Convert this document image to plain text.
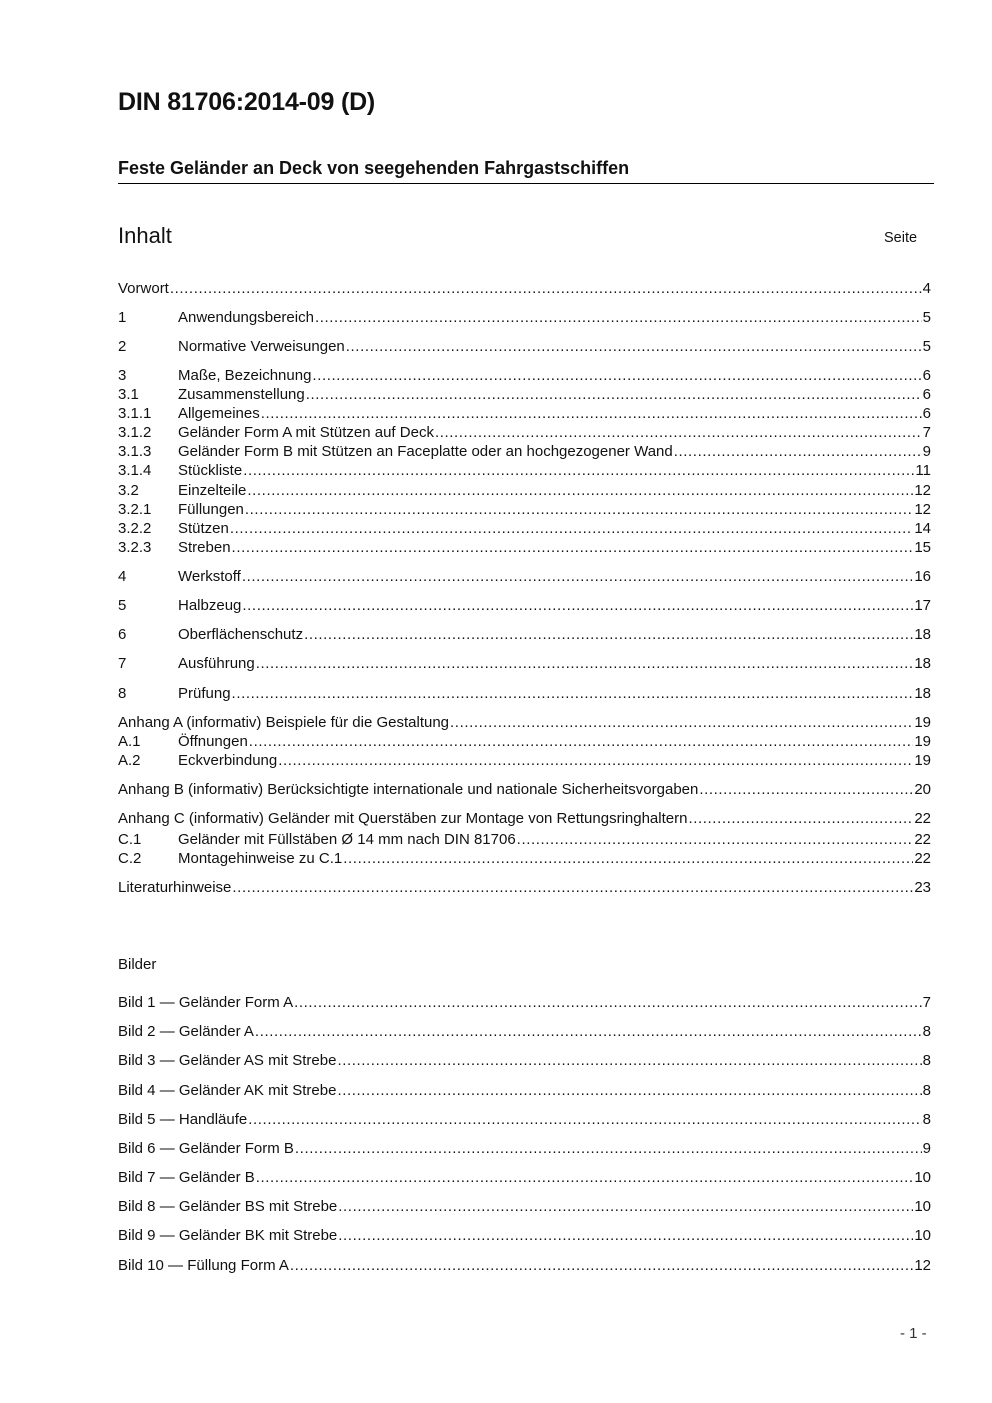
DIN 81706:2014-09 (D)
Feste Geländer an Deck von seegehenden Fahrgastschiffen
Inhalt	Seite
Vorwort .....	4
1	Anwendungsbereich .....	5
2	Normative Verweisungen .....	5
3	Maße, Bezeichnung .....	6
3.1	Zusammenstellung .....	6
3.1.1	Allgemeines .....	6
3.1.2	Geländer Form A mit Stützen auf Deck .....	7
3.1.3	Geländer Form B mit Stützen an Faceplatte oder an hochgezogener Wand .....	9
3.1.4	Stückliste .....	11
3.2	Einzelteile .....	12
3.2.1	Füllungen .....	12
3.2.2	Stützen .....	14
3.2.3	Streben .....	15
4	Werkstoff .....	16
5	Halbzeug .....	17
6	Oberflächenschutz .....	18
7	Ausführung .....	18
8	Prüfung .....	18
Anhang A (informativ) Beispiele für die Gestaltung .....	19
A.1	Öffnungen .....	19
A.2	Eckverbindung .....	19
Anhang B (informativ) Berücksichtigte internationale und nationale Sicherheitsvorgaben .....	20
Anhang C (informativ) Geländer mit Querstäben zur Montage von Rettungsringhaltern .....	22
C.1	Geländer mit Füllstäben Ø 14 mm nach DIN 81706 .....	22
C.2	Montagehinweise zu C.1 .....	22
Literaturhinweise .....	23
Bilder
Bild 1 — Geländer Form A .....	7
Bild 2 — Geländer A .....	8
Bild 3 — Geländer AS mit Strebe .....	8
Bild 4 — Geländer AK mit Strebe .....	8
Bild 5 — Handläufe .....	8
Bild 6 — Geländer Form B .....	9
Bild 7 — Geländer B .....	10
Bild 8 — Geländer BS mit Strebe .....	10
Bild 9 — Geländer BK mit Strebe .....	10
Bild 10 — Füllung Form A .....	12
- 1 -
